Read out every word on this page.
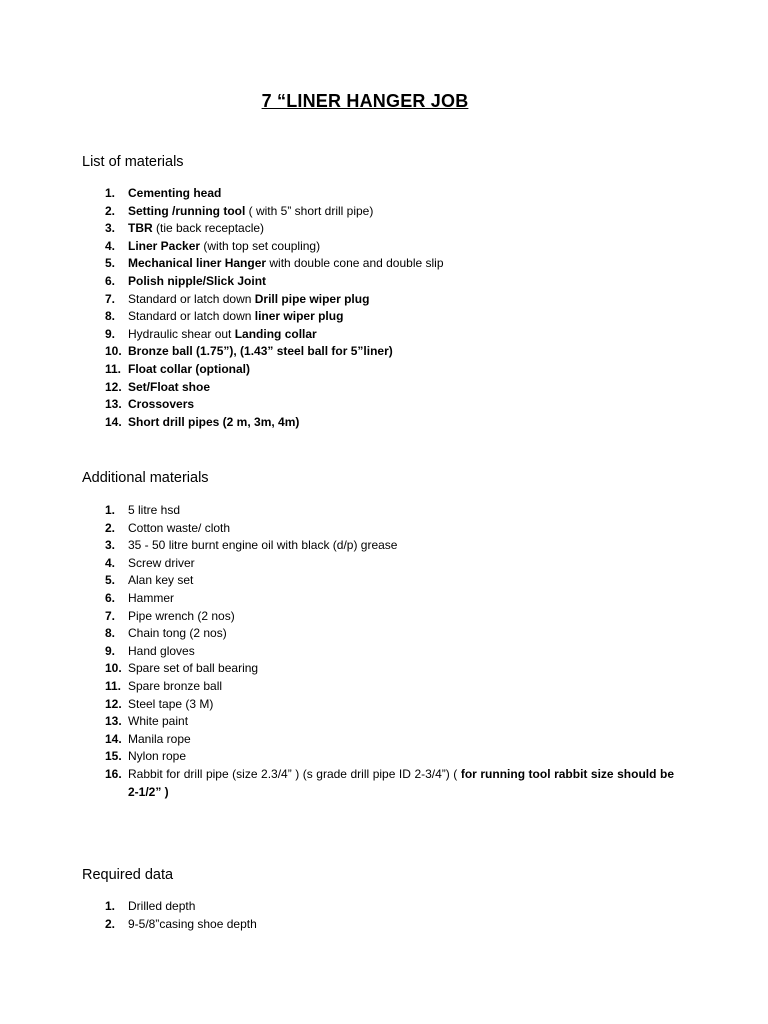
7 “LINER HANGER JOB
List of materials
1.	Cementing head
2.	Setting /running tool ( with 5” short drill pipe)
3.	TBR (tie back receptacle)
4.	Liner Packer (with top set coupling)
5.	Mechanical liner Hanger with double cone and double slip
6.	Polish nipple/Slick Joint
7.	Standard or latch down Drill pipe wiper plug
8.	Standard or latch down liner wiper plug
9.	Hydraulic shear out Landing collar
10. Bronze ball (1.75”), (1.43” steel ball for 5”liner)
11. Float collar (optional)
12. Set/Float shoe
13. Crossovers
14. Short drill pipes (2 m, 3m, 4m)
Additional materials
1.	5 litre hsd
2.	Cotton waste/ cloth
3.	35 - 50 litre burnt engine oil with black (d/p) grease
4.	Screw driver
5.	Alan key set
6.	Hammer
7.	Pipe wrench (2 nos)
8.	Chain tong (2 nos)
9.	Hand gloves
10. Spare set of ball bearing
11. Spare bronze ball
12. Steel tape (3 M)
13. White paint
14. Manila rope
15. Nylon rope
16. Rabbit for drill pipe (size 2.3/4” ) (s grade drill pipe ID 2-3/4”) ( for running tool rabbit size should be 2-1/2” )
Required data
1.	Drilled depth
2.	9-5/8”casing shoe depth
